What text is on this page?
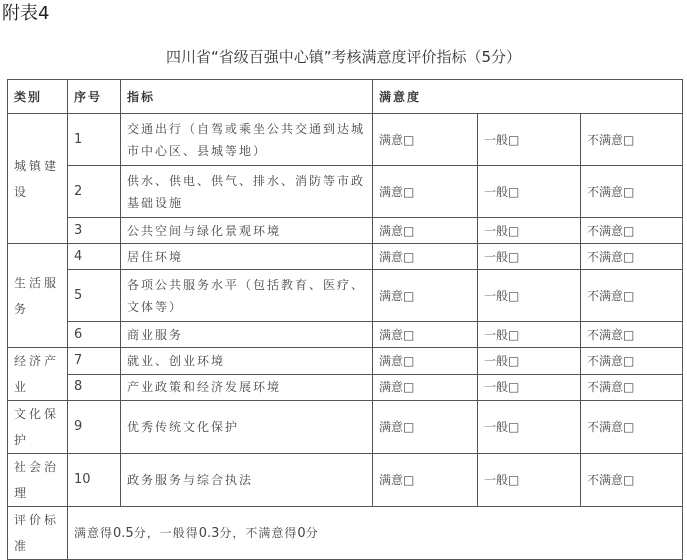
附表4
四川省“省级百强中心镇”考核满意度评价指标（5分）
类别	序号	指标	满意度		
城镇建设	1	交通出行（自驾或乘坐公共交通到达城市中心区、县城等地）	满意□	一般□	不满意□
	2	供水、供电、供气、排水、消防等市政基础设施	满意□	一般□	不满意□
	3	公共空间与绿化景观环境	满意□	一般□	不满意□
生活服务	4	居住环境	满意□	一般□	不满意□
	5	各项公共服务水平（包括教育、医疗、文体等）	满意□	一般□	不满意□
	6	商业服务	满意□	一般□	不满意□
经济产业	7	就业、创业环境	满意□	一般□	不满意□
	8	产业政策和经济发展环境	满意□	一般□	不满意□
文化保护	9	优秀传统文化保护	满意□	一般□	不满意□
社会治理	10	政务服务与综合执法	满意□	一般□	不满意□
评价标准	满意得0.5分，一般得0.3分，不满意得0分				
